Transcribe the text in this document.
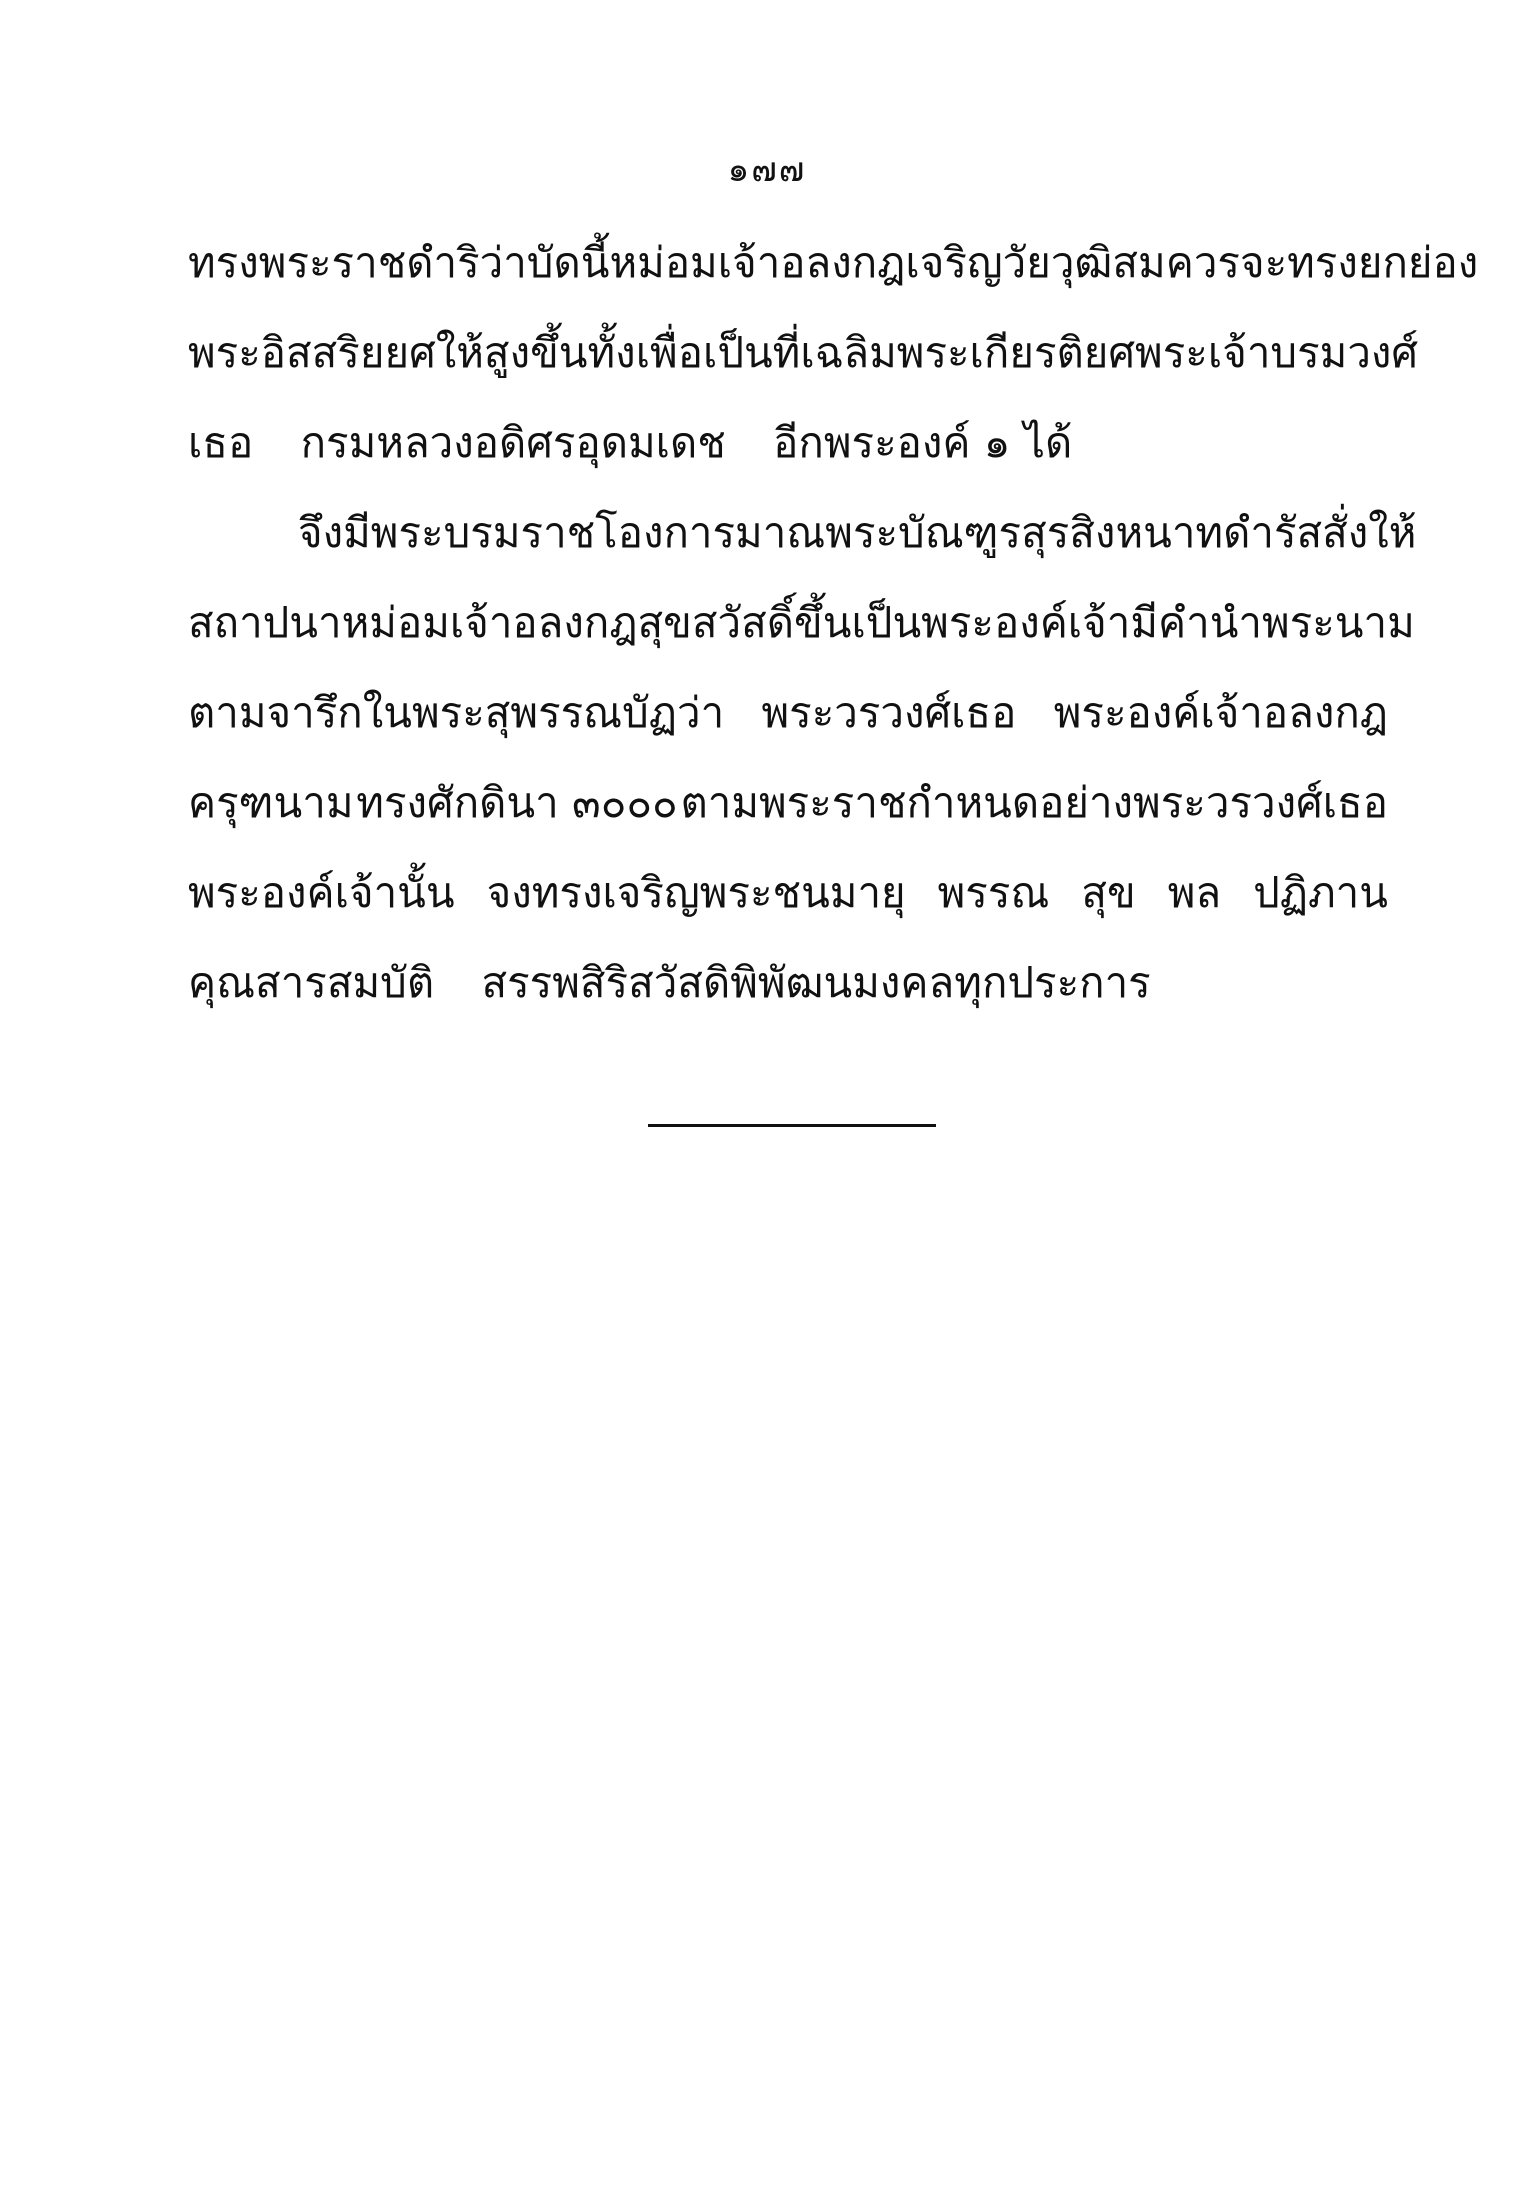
๑๗๗
ทรงพระราชดำริว่า บัดนี้หม่อมเจ้าอลงกฎเจริญวัยวุฒิสมควรจะทรงยกย่อง
พระอิสสริยยศให้สูงขึ้น ทั้งเพื่อเป็นที่เฉลิมพระเกียรติยศพระเจ้าบรมวงศ์
เธอ กรมหลวงอดิศรอุดมเดช อีกพระองค์ ๑ ได้
จึงมีพระบรมราชโองการมาณพระบัณฑูรสุรสิงหนาทดำรัสสั่งให้
สถาปนาหม่อมเจ้าอลงกฎ สุขสวัสดิ์ ขึ้นเป็นพระองค์เจ้า มีคำนำพระนาม
ตามจารึกในพระสุพรรณบัฏว่า พระวรวงศ์เธอ พระองค์เจ้าอลงกฎ
ครุฑนาม ทรงศักดินา ๓๐๐๐ ตามพระราชกำหนดอย่างพระวรวงศ์เธอ
พระองค์เจ้านั้น จงทรงเจริญพระชนมายุ พรรณ สุข พล ปฏิภาน
คุณสารสมบัติ สรรพสิริสวัสดิพิพัฒนมงคลทุกประการ
